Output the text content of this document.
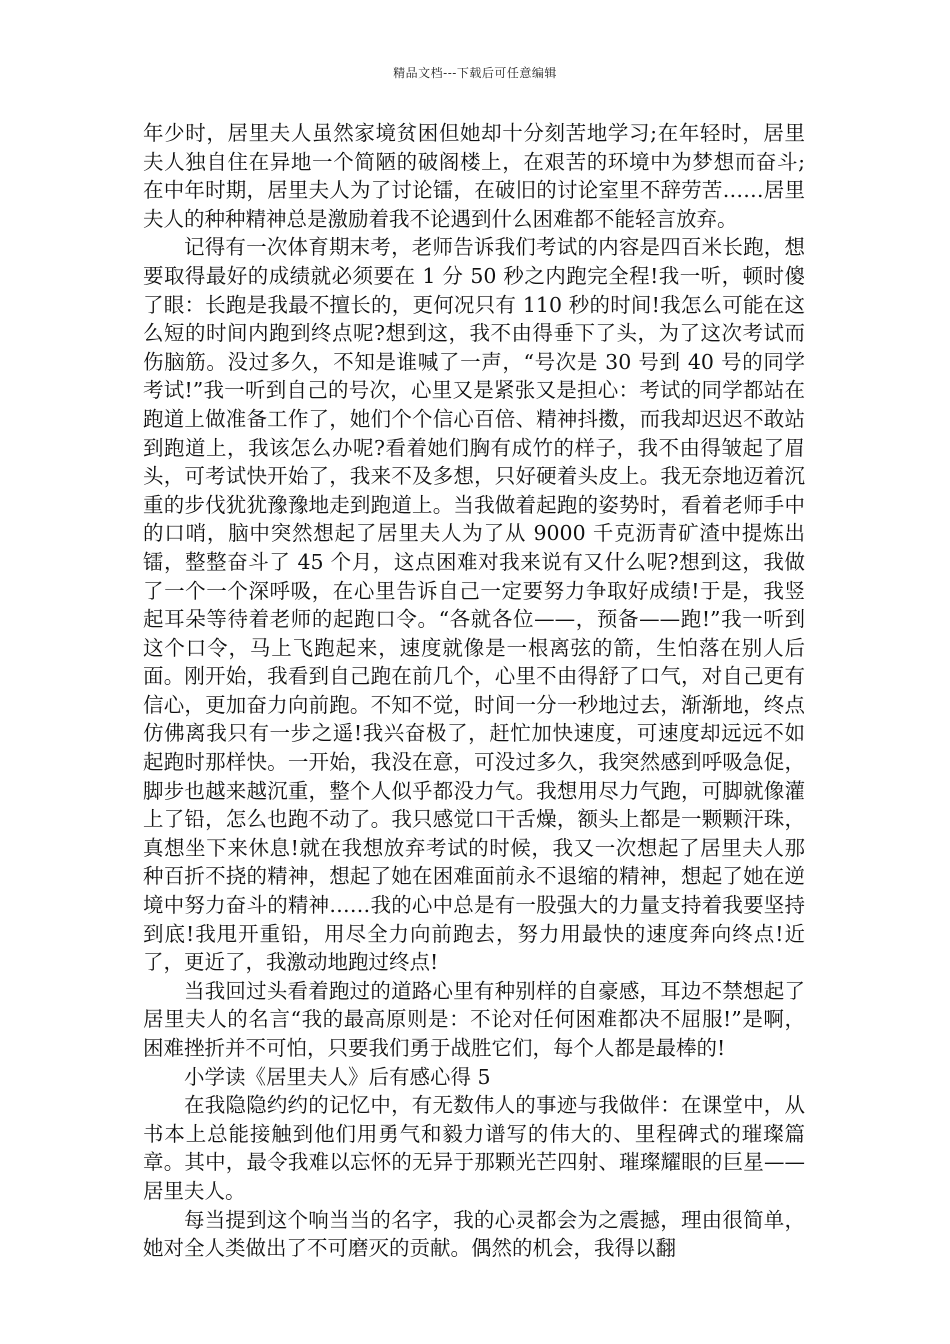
精品文档---下载后可任意编辑

年少时，居里夫人虽然家境贫困但她却十分刻苦地学习;在年轻时，居里夫人独自住在异地一个简陋的破阁楼上，在艰苦的环境中为梦想而奋斗;在中年时期，居里夫人为了讨论镭，在破旧的讨论室里不辞劳苦……居里夫人的种种精神总是激励着我不论遇到什么困难都不能轻言放弃。

记得有一次体育期末考，老师告诉我们考试的内容是四百米长跑，想要取得最好的成绩就必须要在 1 分 50 秒之内跑完全程!我一听，顿时傻了眼：长跑是我最不擅长的，更何况只有 110 秒的时间!我怎么可能在这么短的时间内跑到终点呢?想到这，我不由得垂下了头，为了这次考试而伤脑筋。没过多久，不知是谁喊了一声，“号次是 30 号到 40 号的同学考试!”我一听到自己的号次，心里又是紧张又是担心：考试的同学都站在跑道上做准备工作了，她们个个信心百倍、精神抖擞，而我却迟迟不敢站到跑道上，我该怎么办呢?看着她们胸有成竹的样子，我不由得皱起了眉头，可考试快开始了，我来不及多想，只好硬着头皮上。我无奈地迈着沉重的步伐犹犹豫豫地走到跑道上。当我做着起跑的姿势时，看着老师手中的口哨，脑中突然想起了居里夫人为了从 9000 千克沥青矿渣中提炼出镭，整整奋斗了 45 个月，这点困难对我来说有又什么呢?想到这，我做了一个一个深呼吸，在心里告诉自己一定要努力争取好成绩!于是，我竖起耳朵等待着老师的起跑口令。“各就各位——，预备——跑!”我一听到这个口令，马上飞跑起来，速度就像是一根离弦的箭，生怕落在别人后面。刚开始，我看到自己跑在前几个，心里不由得舒了口气，对自己更有信心，更加奋力向前跑。不知不觉，时间一分一秒地过去，渐渐地，终点仿佛离我只有一步之遥!我兴奋极了，赶忙加快速度，可速度却远远不如起跑时那样快。一开始，我没在意，可没过多久，我突然感到呼吸急促，脚步也越来越沉重，整个人似乎都没力气。我想用尽力气跑，可脚就像灌上了铅，怎么也跑不动了。我只感觉口干舌燥，额头上都是一颗颗汗珠，真想坐下来休息!就在我想放弃考试的时候，我又一次想起了居里夫人那种百折不挠的精神，想起了她在困难面前永不退缩的精神，想起了她在逆境中努力奋斗的精神……我的心中总是有一股强大的力量支持着我要坚持到底!我甩开重铅，用尽全力向前跑去，努力用最快的速度奔向终点!近了，更近了，我激动地跑过终点!

当我回过头看着跑过的道路心里有种别样的自豪感，耳边不禁想起了居里夫人的名言“我的最高原则是：不论对任何困难都决不屈服!”是啊，困难挫折并不可怕，只要我们勇于战胜它们，每个人都是最棒的!

小学读《居里夫人》后有感心得 5

在我隐隐约约的记忆中，有无数伟人的事迹与我做伴：在课堂中，从书本上总能接触到他们用勇气和毅力谱写的伟大的、里程碑式的璀璨篇章。其中，最令我难以忘怀的无异于那颗光芒四射、璀璨耀眼的巨星——居里夫人。

每当提到这个响当当的名字，我的心灵都会为之震撼，理由很简单，她对全人类做出了不可磨灭的贡献。偶然的机会，我得以翻
